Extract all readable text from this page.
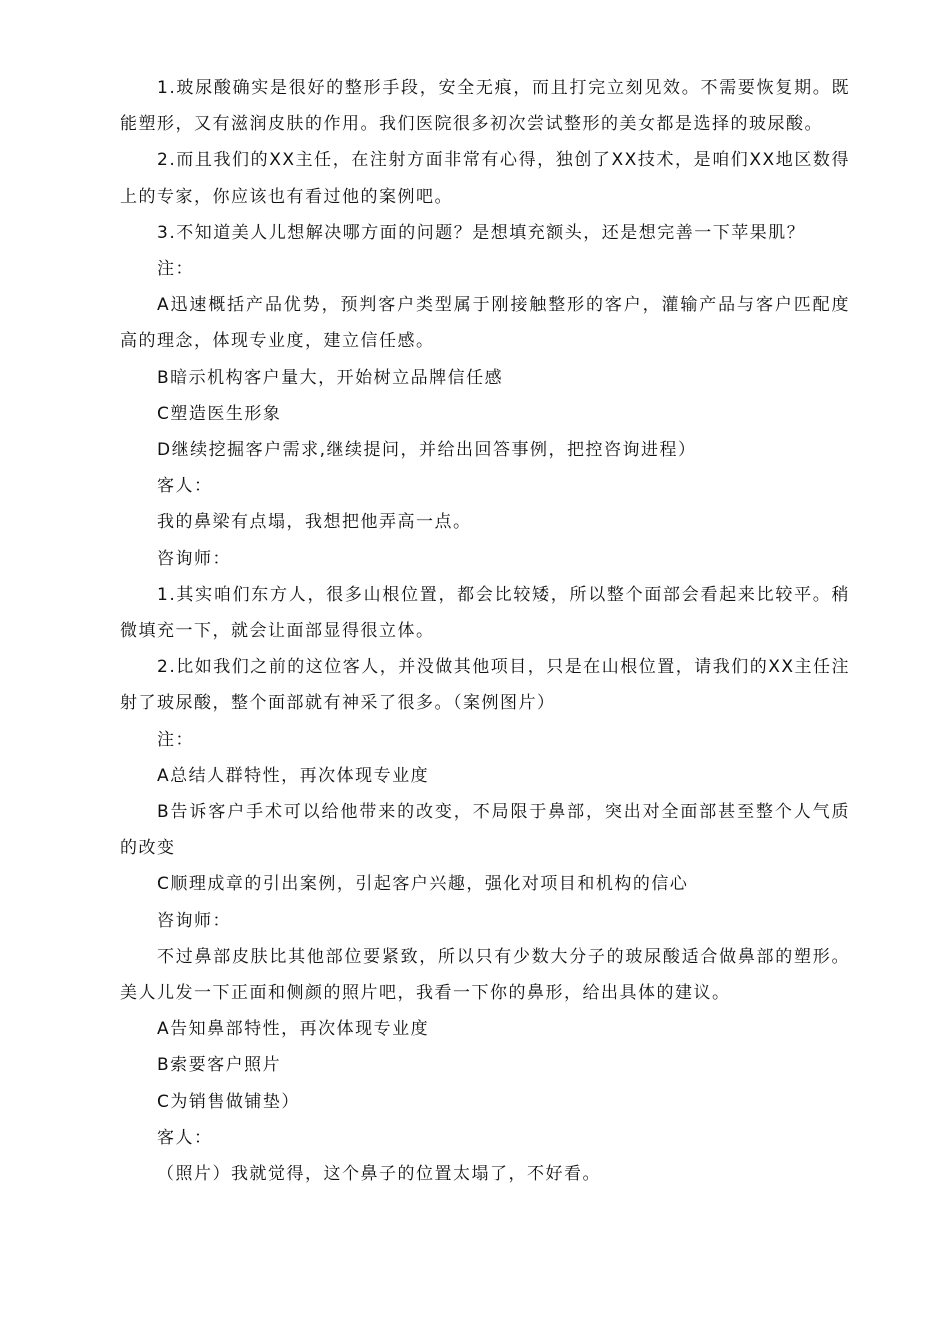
1.玻尿酸确实是很好的整形手段，安全无痕，而且打完立刻见效。不需要恢复期。既能塑形，又有滋润皮肤的作用。我们医院很多初次尝试整形的美女都是选择的玻尿酸。

2.而且我们的XX主任，在注射方面非常有心得，独创了XX技术，是咱们XX地区数得上的专家，你应该也有看过他的案例吧。

3.不知道美人儿想解决哪方面的问题？是想填充额头，还是想完善一下苹果肌？

注：

A迅速概括产品优势，预判客户类型属于刚接触整形的客户，灌输产品与客户匹配度高的理念，体现专业度，建立信任感。

B暗示机构客户量大，开始树立品牌信任感

C塑造医生形象

D继续挖掘客户需求,继续提问，并给出回答事例，把控咨询进程）

客人：

我的鼻梁有点塌，我想把他弄高一点。

咨询师：

1.其实咱们东方人，很多山根位置，都会比较矮，所以整个面部会看起来比较平。稍微填充一下，就会让面部显得很立体。

2.比如我们之前的这位客人，并没做其他项目，只是在山根位置，请我们的XX主任注射了玻尿酸，整个面部就有神采了很多。（案例图片）

注：

A总结人群特性，再次体现专业度

B告诉客户手术可以给他带来的改变，不局限于鼻部，突出对全面部甚至整个人气质的改变

C顺理成章的引出案例，引起客户兴趣，强化对项目和机构的信心

咨询师：

不过鼻部皮肤比其他部位要紧致，所以只有少数大分子的玻尿酸适合做鼻部的塑形。美人儿发一下正面和侧颜的照片吧，我看一下你的鼻形，给出具体的建议。

A告知鼻部特性，再次体现专业度

B索要客户照片

C为销售做铺垫）

客人：

（照片）我就觉得，这个鼻子的位置太塌了，不好看。
